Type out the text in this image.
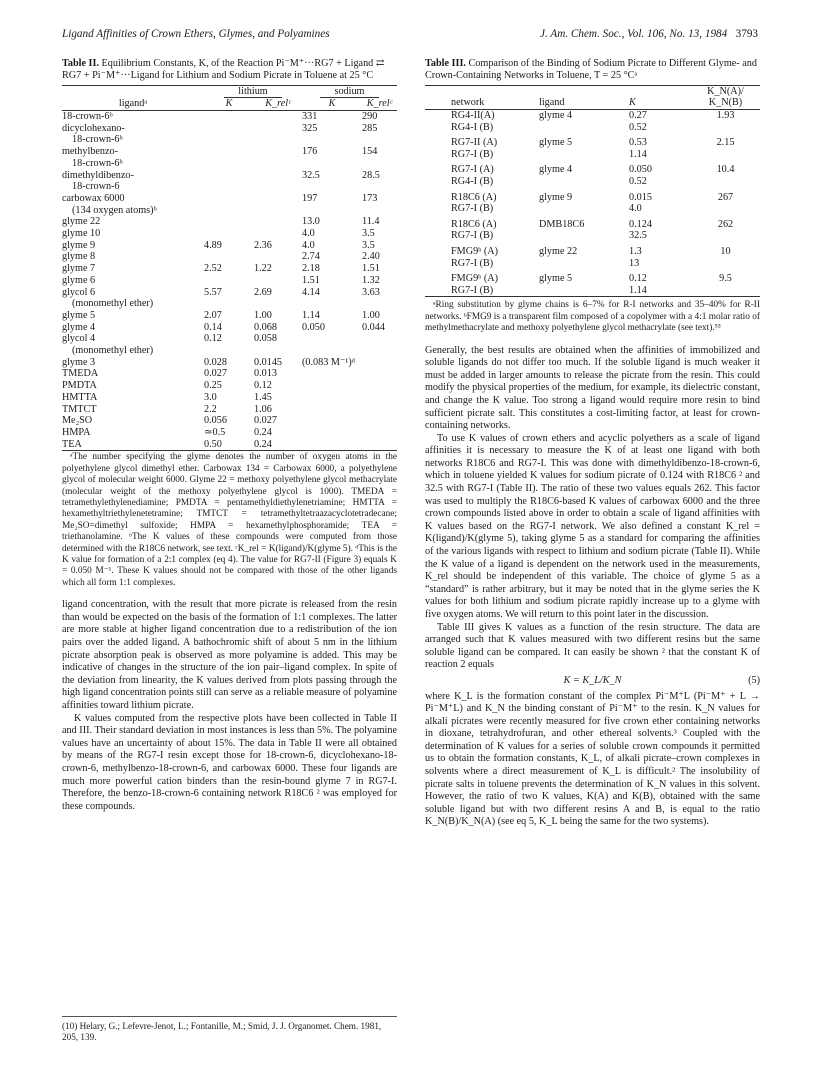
Ligand Affinities of Crown Ethers, Glymes, and Polyamines	J. Am. Chem. Soc., Vol. 106, No. 13, 1984 3793
Table II. Equilibrium Constants, K, of the Reaction Pi⁻M⁺···RG7 + Ligand ⇄ RG7 + Pi⁻M⁺···Ligand for Lithium and Sodium Picrate in Toluene at 25 °C
	lithium		sodium	
ligandᵃ	K	K_relᶜ	K	K_relᶜ
18-crown-6ᵇ			331	290
dicyclohexano-			325	285
18-crown-6ᵇ				
methylbenzo-			176	154
18-crown-6ᵇ				
dimethyldibenzo-			32.5	28.5
18-crown-6				
carbowax 6000			197	173
(134 oxygen atoms)ᵇ				
glyme 22			13.0	11.4
glyme 10			4.0	3.5
glyme 9	4.89	2.36	4.0	3.5
glyme 8			2.74	2.40
glyme 7	2.52	1.22	2.18	1.51
glyme 6			1.51	1.32
glycol 6	5.57	2.69	4.14	3.63
(monomethyl ether)				
glyme 5	2.07	1.00	1.14	1.00
glyme 4	0.14	0.068	0.050	0.044
glycol 4	0.12	0.058		
(monomethyl ether)				
glyme 3	0.028	0.0145	(0.083 M⁻¹)ᵈ	
TMEDA	0.027	0.013		
PMDTA	0.25	0.12		
HMTTA	3.0	1.45		
TMTCT	2.2	1.06		
Me₂SO	0.056	0.027		
HMPA	≃0.5	0.24		
TEA	0.50	0.24		

ᵃThe number specifying the glyme denotes the number of oxygen atoms in the polyethylene glycol dimethyl ether. Carbowax 134 = Carbowax 6000, a polyethylene glycol of molecular weight 6000. Glyme 22 = methoxy polyethylene glycol methacrylate (molecular weight of the methoxy polyethylene glycol is 1000). TMEDA = tetramethylethylenediamine; PMDTA = pentamethyldiethylenetriamine; HMTTA = hexamethyltriethylenetetramine; TMTCT = tetramethyltetraazacyclotetradecane; Me₂SO=dimethyl sulfoxide; HMPA = hexamethylphosphoramide; TEA = triethanolamine. ᵇThe K values of these compounds were computed from those determined with the R18C6 network, see text. ᶜK_rel = K(ligand)/K(glyme 5). ᵈThis is the K value for formation of a 2:1 complex (eq 4). The value for RG7-II (Figure 3) equals K = 0.050 M⁻¹. These K values should not be compared with those of the other ligands which all form 1:1 complexes.

ligand concentration, with the result that more picrate is released from the resin than would be expected on the basis of the formation of 1:1 complexes. The latter are more stable at higher ligand concentration due to a redistribution of the ion pairs over the added ligand. A bathochromic shift of about 5 nm in the lithium picrate absorption peak is observed as more polyamine is added. This may be indicative of changes in the structure of the ion pair–ligand complex. In spite of the deviation from linearity, the K values derived from plots passing through the high ligand concentration points still can serve as a reliable measure of polyamine affinities toward lithium picrate.

K values computed from the respective plots have been collected in Table II and III. Their standard deviation in most instances is less than 5%. The polyamine values have an uncertainty of about 15%. The data in Table II were all obtained by means of the RG7-I resin except those for 18-crown-6, dicyclohexano-18-crown-6, methylbenzo-18-crown-6, and carbowax 6000. These four ligands are much more powerful cation binders than the resin-bound glyme 7 in RG7-I. Therefore, the benzo-18-crown-6 containing network R18C6 ² was employed for these compounds.

(10) Helary, G.; Lefevre-Jenot, L.; Fontanille, M.; Smid, J. J. Organomet. Chem. 1981, 205, 139.
Table III. Comparison of the Binding of Sodium Picrate to Different Glyme- and Crown-Containing Networks in Toluene, T = 25 °Cᵃ
			K_N(A)/
network	ligand	K	K_N(B)
RG4-II(A)	glyme 4	0.27	1.93
RG4-I (B)		0.52	
RG7-II (A)	glyme 5	0.53	2.15
RG7-I (B)		1.14	
RG7-I (A)	glyme 4	0.050	10.4
RG4-I (B)		0.52	
R18C6 (A)	glyme 9	0.015	267
RG7-I (B)		4.0	
R18C6 (A)	DMB18C6	0.124	262
RG7-I (B)		32.5	
FMG9ᵇ (A)	glyme 22	1.3	10
RG7-I (B)		13	
FMG9ᵇ (A)	glyme 5	0.12	9.5
RG7-I (B)		1.14	

ᵃRing substitution by glyme chains is 6–7% for R-I networks and 35–40% for R-II networks. ᵇFMG9 is a transparent film composed of a copolymer with a 4:1 molar ratio of methylmethacrylate and methoxy polyethylene glycol methacrylate (see text).⁵³

Generally, the best results are obtained when the affinities of immobilized and soluble ligands do not differ too much. If the soluble ligand is much weaker it must be added in larger amounts to release the picrate from the resin. This could modify the physical properties of the medium, for example, its dielectric constant, and change the K value. Too strong a ligand would require more resin to bind sufficient picrate salt. This constitutes a cost-limiting factor, at least for crown-containing networks.

To use K values of crown ethers and acyclic polyethers as a scale of ligand affinities it is necessary to measure the K of at least one ligand with both networks R18C6 and RG7-I. This was done with dimethyldibenzo-18-crown-6, which in toluene yielded K values for sodium picrate of 0.124 with R18C6 ² and 32.5 with RG7-I (Table II). The ratio of these two values equals 262. This factor was used to multiply the R18C6-based K values of carbowax 6000 and the three crown compounds listed above in order to obtain a scale of ligand affinities with K values based on the RG7-I network. We also defined a constant K_rel = K(ligand)/K(glyme 5), taking glyme 5 as a standard for comparing the affinities of the various ligands with respect to lithium and sodium picrate (Table II). While the K value of a ligand is dependent on the network used in the measurements, K_rel should be independent of this variable. The choice of glyme 5 as a “standard” is rather arbitrary, but it may be noted that in the glyme series the K values for both lithium and sodium picrate rapidly increase up to a glyme with five oxygen atoms. We will return to this point later in the discussion.

Table III gives K values as a function of the resin structure. The data are arranged such that K values measured with two different resins but the same soluble ligand can be compared. It can easily be shown ² that the constant K of reaction 2 equals

K = K_L/K_N	(5)

where K_L is the formation constant of the complex Pi⁻M⁺L (Pi⁻M⁺ + L → Pi⁻M⁺L) and K_N the binding constant of Pi⁻M⁺ to the resin. K_N values for alkali picrates were recently measured for five crown ether containing networks in dioxane, tetrahydrofuran, and other ethereal solvents.³ Coupled with the determination of K values for a series of soluble crown compounds it permitted us to obtain the formation constants, K_L, of alkali picrate–crown complexes in solvents where a direct measurement of K_L is difficult.² The insolubility of picrate salts in toluene prevents the determination of K_N values in this solvent. However, the ratio of two K values, K(A) and K(B), obtained with the same soluble ligand but with two different resins A and B, is equal to the ratio K_N(B)/K_N(A) (see eq 5, K_L being the same for the two systems).
